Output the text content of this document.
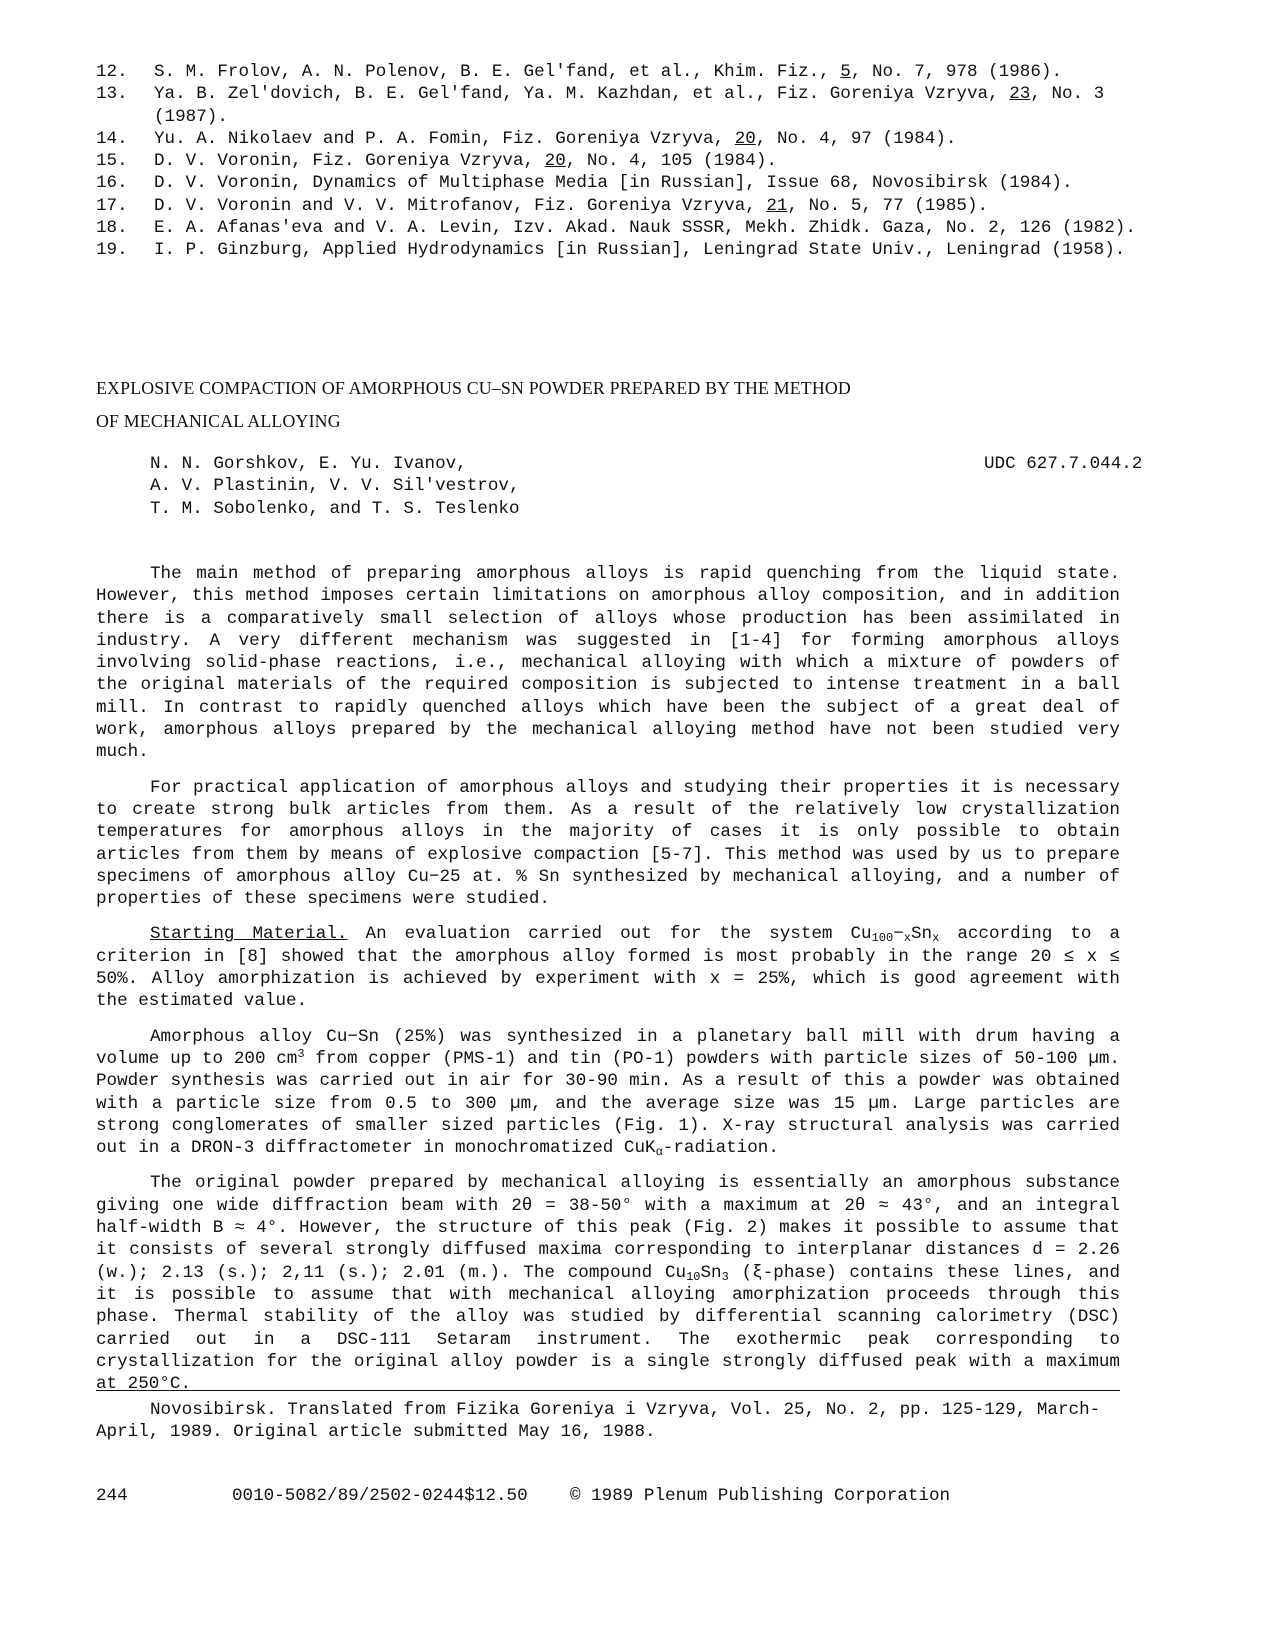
12.	S. M. Frolov, A. N. Polenov, B. E. Gel'fand, et al., Khim. Fiz., 5, No. 7, 978 (1986).
13.	Ya. B. Zel'dovich, B. E. Gel'fand, Ya. M. Kazhdan, et al., Fiz. Goreniya Vzryva, 23, No. 3 (1987).
14.	Yu. A. Nikolaev and P. A. Fomin, Fiz. Goreniya Vzryva, 20, No. 4, 97 (1984).
15.	D. V. Voronin, Fiz. Goreniya Vzryva, 20, No. 4, 105 (1984).
16.	D. V. Voronin, Dynamics of Multiphase Media [in Russian], Issue 68, Novosibirsk (1984).
17.	D. V. Voronin and V. V. Mitrofanov, Fiz. Goreniya Vzryva, 21, No. 5, 77 (1985).
18.	E. A. Afanas'eva and V. A. Levin, Izv. Akad. Nauk SSSR, Mekh. Zhidk. Gaza, No. 2, 126 (1982).
19.	I. P. Ginzburg, Applied Hydrodynamics [in Russian], Leningrad State Univ., Leningrad (1958).
EXPLOSIVE COMPACTION OF AMORPHOUS CU–SN POWDER PREPARED BY THE METHOD
OF MECHANICAL ALLOYING
N. N. Gorshkov, E. Yu. Ivanov,
A. V. Plastinin, V. V. Sil'vestrov,
T. M. Sobolenko, and T. S. Teslenko
UDC 627.7.044.2

The main method of preparing amorphous alloys is rapid quenching from the liquid state. However, this method imposes certain limitations on amorphous alloy composition, and in addition there is a comparatively small selection of alloys whose production has been assimilated in industry. A very different mechanism was suggested in [1-4] for forming amorphous alloys involving solid-phase reactions, i.e., mechanical alloying with which a mixture of powders of the original materials of the required composition is subjected to intense treatment in a ball mill. In contrast to rapidly quenched alloys which have been the subject of a great deal of work, amorphous alloys prepared by the mechanical alloying method have not been studied very much.

For practical application of amorphous alloys and studying their properties it is necessary to create strong bulk articles from them. As a result of the relatively low crystallization temperatures for amorphous alloys in the majority of cases it is only possible to obtain articles from them by means of explosive compaction [5-7]. This method was used by us to prepare specimens of amorphous alloy Cu−25 at. % Sn synthesized by mechanical alloying, and a number of properties of these specimens were studied.

Starting Material. An evaluation carried out for the system $Cu_{100}-_xSn_x$ according to a criterion in [8] showed that the amorphous alloy formed is most probably in the range 20 ≤ x ≤ 50%. Alloy amorphization is achieved by experiment with x = 25%, which is good agreement with the estimated value.

Amorphous alloy Cu−Sn (25%) was synthesized in a planetary ball mill with drum having a volume up to 200 $cm^3$ from copper (PMS-1) and tin (PO-1) powders with particle sizes of 50-100 µm. Powder synthesis was carried out in air for 30-90 min. As a result of this a powder was obtained with a particle size from 0.5 to 300 µm, and the average size was 15 µm. Large particles are strong conglomerates of smaller sized particles (Fig. 1). X-ray structural analysis was carried out in a DRON-3 diffractometer in monochromatized CuK$_\alpha$-radiation.

The original powder prepared by mechanical alloying is essentially an amorphous substance giving one wide diffraction beam with 2θ = 38-50° with a maximum at 2θ ≈ 43°, and an integral half-width B ≈ 4°. However, the structure of this peak (Fig. 2) makes it possible to assume that it consists of several strongly diffused maxima corresponding to interplanar distances d = 2.26 (w.); 2.13 (s.); 2,11 (s.); 2.01 (m.). The compound $Cu_{10}Sn_3$ (ξ-phase) contains these lines, and it is possible to assume that with mechanical alloying amorphization proceeds through this phase. Thermal stability of the alloy was studied by differential scanning calorimetry (DSC) carried out in a DSC-111 Setaram instrument. The exothermic peak corresponding to crystallization for the original alloy powder is a single strongly diffused peak with a maximum at 250°C.

Novosibirsk. Translated from Fizika Goreniya i Vzryva, Vol. 25, No. 2, pp. 125-129, March-April, 1989. Original article submitted May 16, 1988.

244	0010-5082/89/2502-0244$12.50 © 1989 Plenum Publishing Corporation
